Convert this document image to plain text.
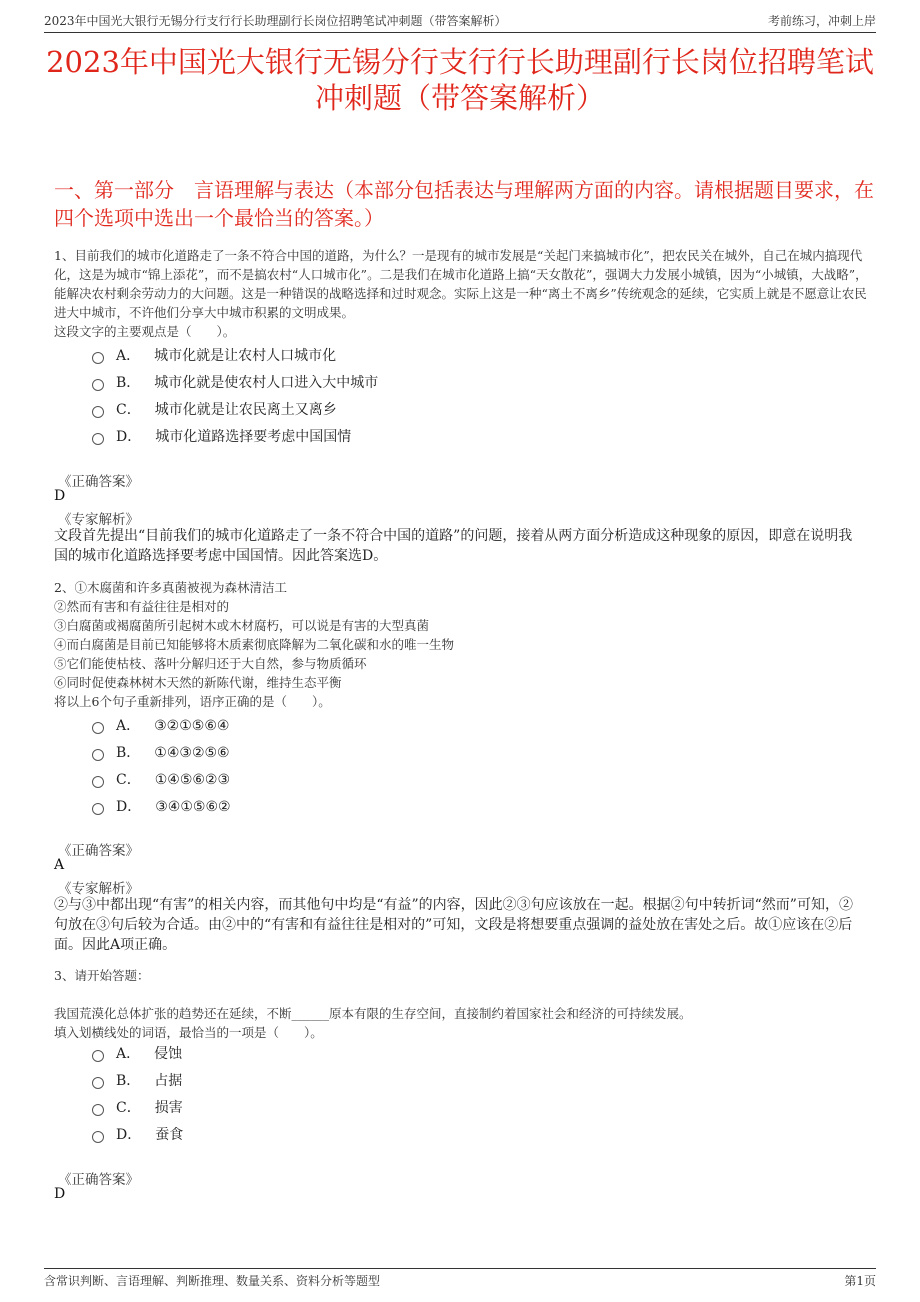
2023年中国光大银行无锡分行支行行长助理副行长岗位招聘笔试冲刺题（带答案解析）	考前练习，冲刺上岸
2023年中国光大银行无锡分行支行行长助理副行长岗位招聘笔试冲刺题（带答案解析）
一、第一部分　言语理解与表达（本部分包括表达与理解两方面的内容。请根据题目要求，在四个选项中选出一个最恰当的答案。）

1、目前我们的城市化道路走了一条不符合中国的道路，为什么？一是现有的城市发展是“关起门来搞城市化”，把农民关在城外，自己在城内搞现代化，这是为城市“锦上添花”，而不是搞农村“人口城市化”。二是我们在城市化道路上搞“天女散花”，强调大力发展小城镇，因为“小城镇，大战略”，能解决农村剩余劳动力的大问题。这是一种错误的战略选择和过时观念。实际上这是一种“离土不离乡”传统观念的延续，它实质上就是不愿意让农民进大中城市，不许他们分享大中城市积累的文明成果。

这段文字的主要观点是（　　）。

A． 城市化就是让农村人口城市化
B． 城市化就是使农村人口进入大中城市
C． 城市化就是让农民离土又离乡
D． 城市化道路选择要考虑中国国情
《正确答案》
D
《专家解析》
文段首先提出“目前我们的城市化道路走了一条不符合中国的道路”的问题，接着从两方面分析造成这种现象的原因，即意在说明我国的城市化道路选择要考虑中国国情。因此答案选D。

2、①木腐菌和许多真菌被视为森林清洁工

②然而有害和有益往往是相对的

③白腐菌或褐腐菌所引起树木或木材腐朽，可以说是有害的大型真菌

④而白腐菌是目前已知能够将木质素彻底降解为二氧化碳和水的唯一生物

⑤它们能使枯枝、落叶分解归还于大自然，参与物质循环

⑥同时促使森林树木天然的新陈代谢，维持生态平衡

将以上6个句子重新排列，语序正确的是（　　）。

A． ③②①⑤⑥④
B． ①④③②⑤⑥
C． ①④⑤⑥②③
D． ③④①⑤⑥②
《正确答案》
A
《专家解析》
②与③中都出现“有害”的相关内容，而其他句中均是“有益”的内容，因此②③句应该放在一起。根据②句中转折词“然而”可知，②句放在③句后较为合适。由②中的“有害和有益往往是相对的”可知，文段是将想要重点强调的益处放在害处之后。故①应该在②后面。因此A项正确。
3、请开始答题：

我国荒漠化总体扩张的趋势还在延续，不断______原本有限的生存空间，直接制约着国家社会和经济的可持续发展。

填入划横线处的词语，最恰当的一项是（　　）。

A． 侵蚀
B． 占据
C． 损害
D． 蚕食
《正确答案》
D
含常识判断、言语理解、判断推理、数量关系、资料分析等题型	第1页
